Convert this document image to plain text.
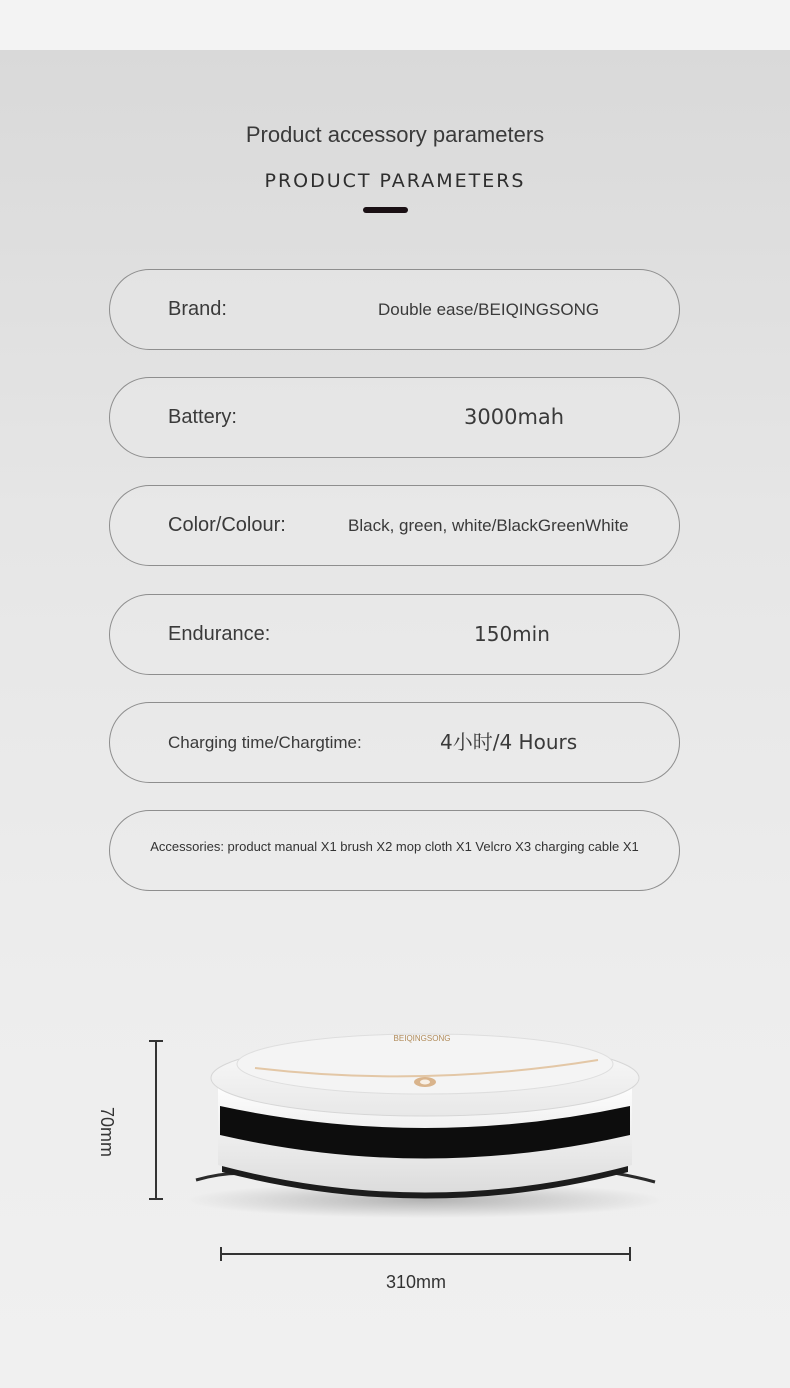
Product accessory parameters
PRODUCT PARAMETERS
Brand:	Double ease/BEIQINGSONG
Battery:	3000mah
Color/Colour:	Black, green, white/BlackGreenWhite
Endurance:	150min
Charging time/Chargtime:	4小时/4 Hours
Accessories: product manual X1 brush X2 mop cloth X1 Velcro X3 charging cable X1
BEIQINGSONG
70mm
310mm
